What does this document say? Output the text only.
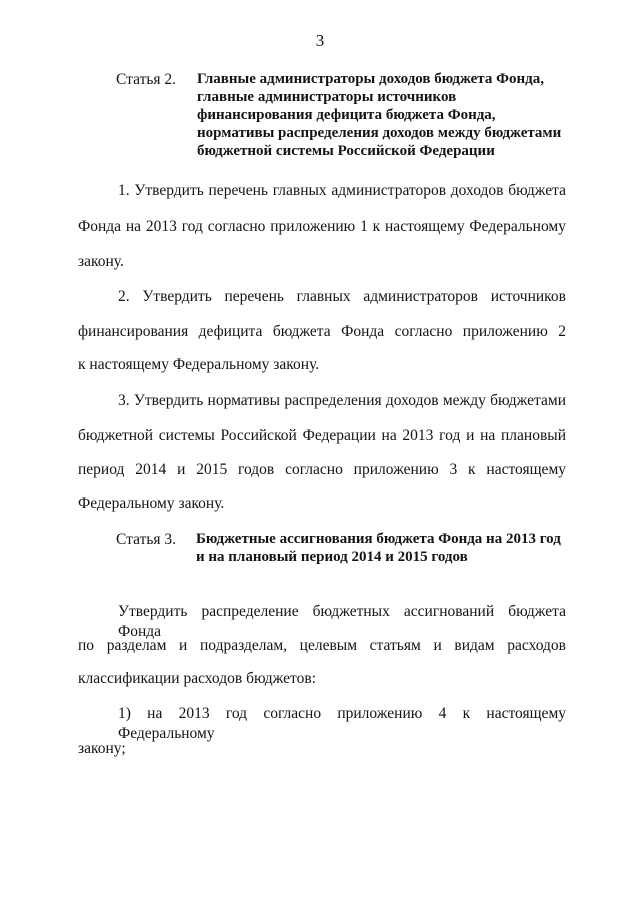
3
Статья 2. Главные администраторы доходов бюджета Фонда,
главные администраторы источников
финансирования дефицита бюджета Фонда,
нормативы распределения доходов между бюджетами
бюджетной системы Российской Федерации
1. Утвердить перечень главных администраторов доходов бюджета
Фонда на 2013 год согласно приложению 1 к настоящему Федеральному
закону.
2. Утвердить перечень главных администраторов источников
финансирования дефицита бюджета Фонда согласно приложению 2
к настоящему Федеральному закону.
3. Утвердить нормативы распределения доходов между бюджетами
бюджетной системы Российской Федерации на 2013 год и на плановый
период 2014 и 2015 годов согласно приложению 3 к настоящему
Федеральному закону.
Статья 3. Бюджетные ассигнования бюджета Фонда на 2013 год
и на плановый период 2014 и 2015 годов
Утвердить распределение бюджетных ассигнований бюджета Фонда
по разделам и подразделам, целевым статьям и видам расходов
классификации расходов бюджетов:
1) на 2013 год согласно приложению 4 к настоящему Федеральному
закону;
